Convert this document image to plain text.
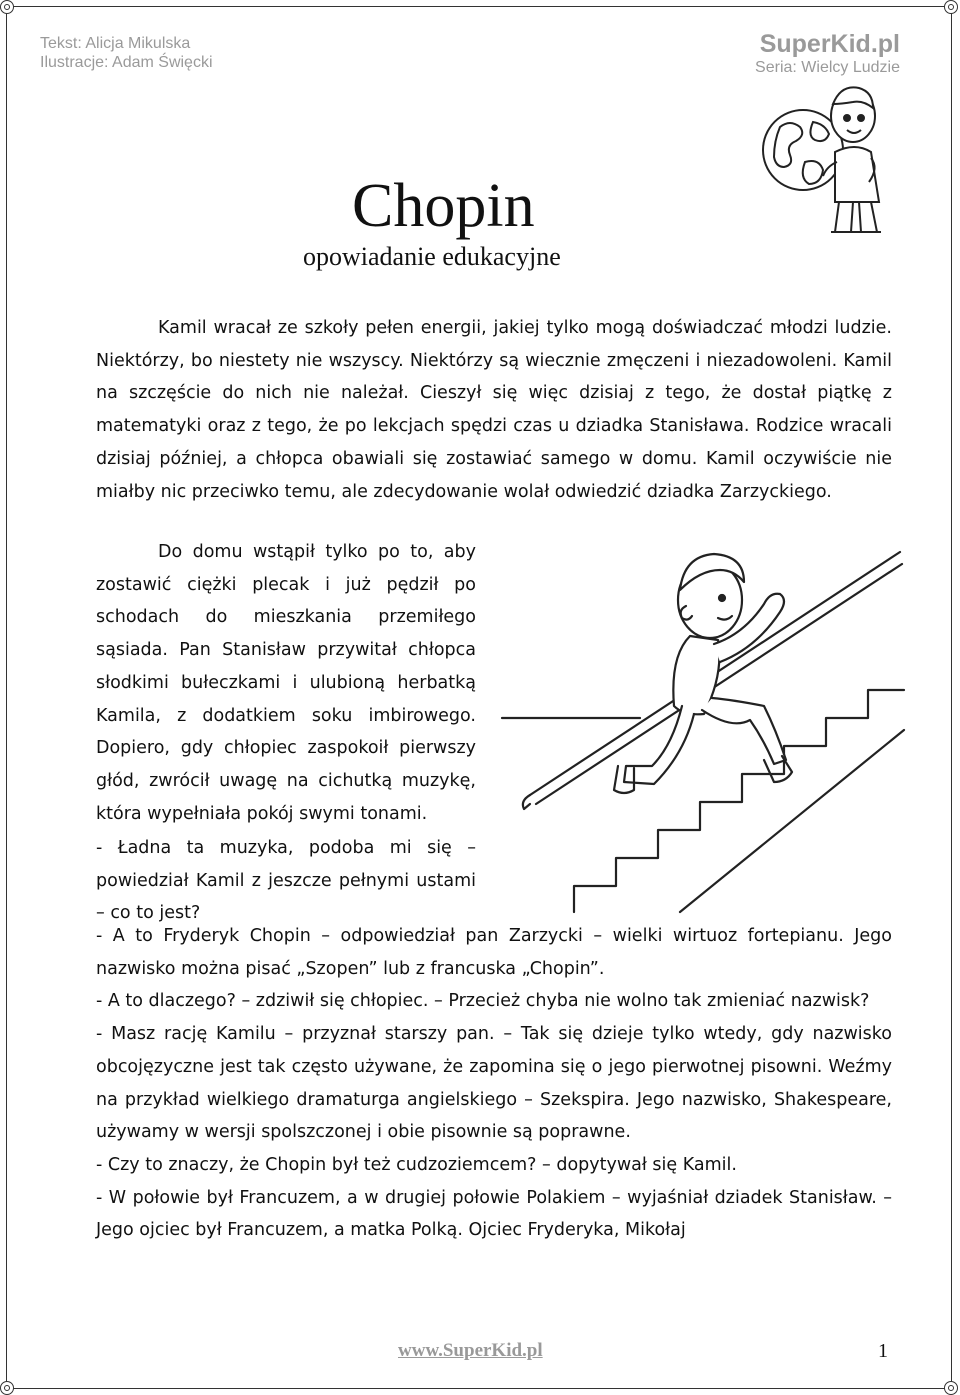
Tekst: Alicja Mikulska
Ilustracje: Adam Święcki
SuperKid.pl
Seria: Wielcy Ludzie
Chopin
opowiadanie edukacyjne
Kamil wracał ze szkoły pełen energii, jakiej tylko mogą doświadczać młodzi ludzie. Niektórzy, bo niestety nie wszyscy. Niektórzy są wiecznie zmęczeni i niezadowoleni. Kamil na szczęście do nich nie należał. Cieszył się więc dzisiaj z tego, że dostał piątkę z matematyki oraz z tego, że po lekcjach spędzi czas u dziadka Stanisława. Rodzice wracali dzisiaj później, a chłopca obawiali się zostawiać samego w domu. Kamil oczywiście nie miałby nic przeciwko temu, ale zdecydowanie wolał odwiedzić dziadka Zarzyckiego.
Do domu wstąpił tylko po to, aby zostawić ciężki plecak i już pędził po schodach do mieszkania przemiłego sąsiada. Pan Stanisław przywitał chłopca słodkimi bułeczkami i ulubioną herbatką Kamila, z dodatkiem soku imbirowego. Dopiero, gdy chłopiec zaspokoił pierwszy głód, zwrócił uwagę na cichutką muzykę, która wypełniała pokój swymi tonami.
- Ładna ta muzyka, podoba mi się – powiedział Kamil z jeszcze pełnymi ustami – co to jest?
- A to Fryderyk Chopin – odpowiedział pan Zarzycki – wielki wirtuoz fortepianu. Jego nazwisko można pisać „Szopen” lub z francuska „Chopin”.
- A to dlaczego? – zdziwił się chłopiec. – Przecież chyba nie wolno tak zmieniać nazwisk?
- Masz rację Kamilu – przyznał starszy pan. – Tak się dzieje tylko wtedy, gdy nazwisko obcojęzyczne jest tak często używane, że zapomina się o jego pierwotnej pisowni. Weźmy na przykład wielkiego dramaturga angielskiego – Szekspira. Jego nazwisko, Shakespeare, używamy w wersji spolszczonej i obie pisownie są poprawne.
- Czy to znaczy, że Chopin był też cudzoziemcem? – dopytywał się Kamil.
- W połowie był Francuzem, a w drugiej połowie Polakiem – wyjaśniał dziadek Stanisław. – Jego ojciec był Francuzem, a matka Polką. Ojciec Fryderyka, Mikołaj
www.SuperKid.pl	1
